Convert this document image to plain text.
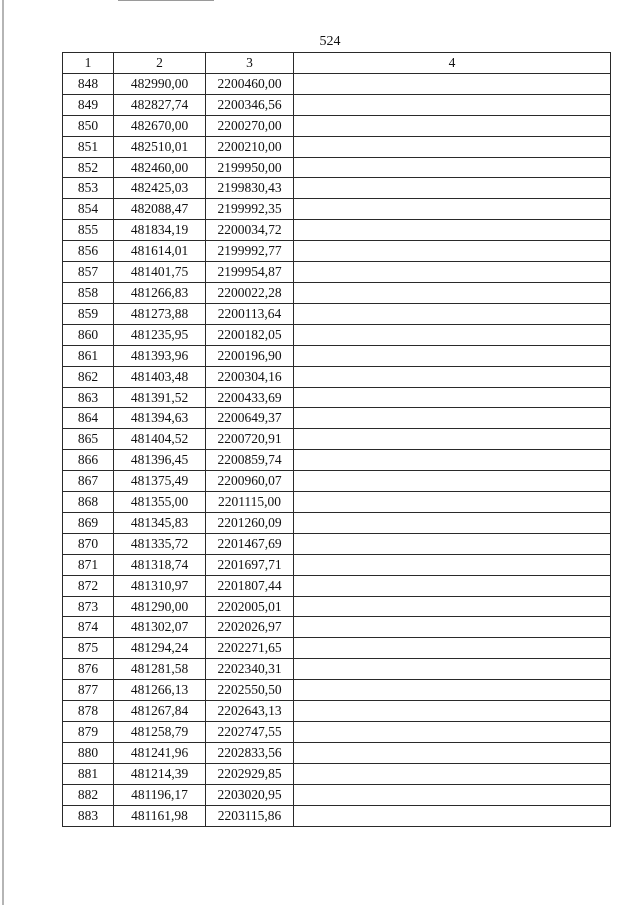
524
1	2	3	4
848	482990,00	2200460,00	
849	482827,74	2200346,56	
850	482670,00	2200270,00	
851	482510,01	2200210,00	
852	482460,00	2199950,00	
853	482425,03	2199830,43	
854	482088,47	2199992,35	
855	481834,19	2200034,72	
856	481614,01	2199992,77	
857	481401,75	2199954,87	
858	481266,83	2200022,28	
859	481273,88	2200113,64	
860	481235,95	2200182,05	
861	481393,96	2200196,90	
862	481403,48	2200304,16	
863	481391,52	2200433,69	
864	481394,63	2200649,37	
865	481404,52	2200720,91	
866	481396,45	2200859,74	
867	481375,49	2200960,07	
868	481355,00	2201115,00	
869	481345,83	2201260,09	
870	481335,72	2201467,69	
871	481318,74	2201697,71	
872	481310,97	2201807,44	
873	481290,00	2202005,01	
874	481302,07	2202026,97	
875	481294,24	2202271,65	
876	481281,58	2202340,31	
877	481266,13	2202550,50	
878	481267,84	2202643,13	
879	481258,79	2202747,55	
880	481241,96	2202833,56	
881	481214,39	2202929,85	
882	481196,17	2203020,95	
883	481161,98	2203115,86	
